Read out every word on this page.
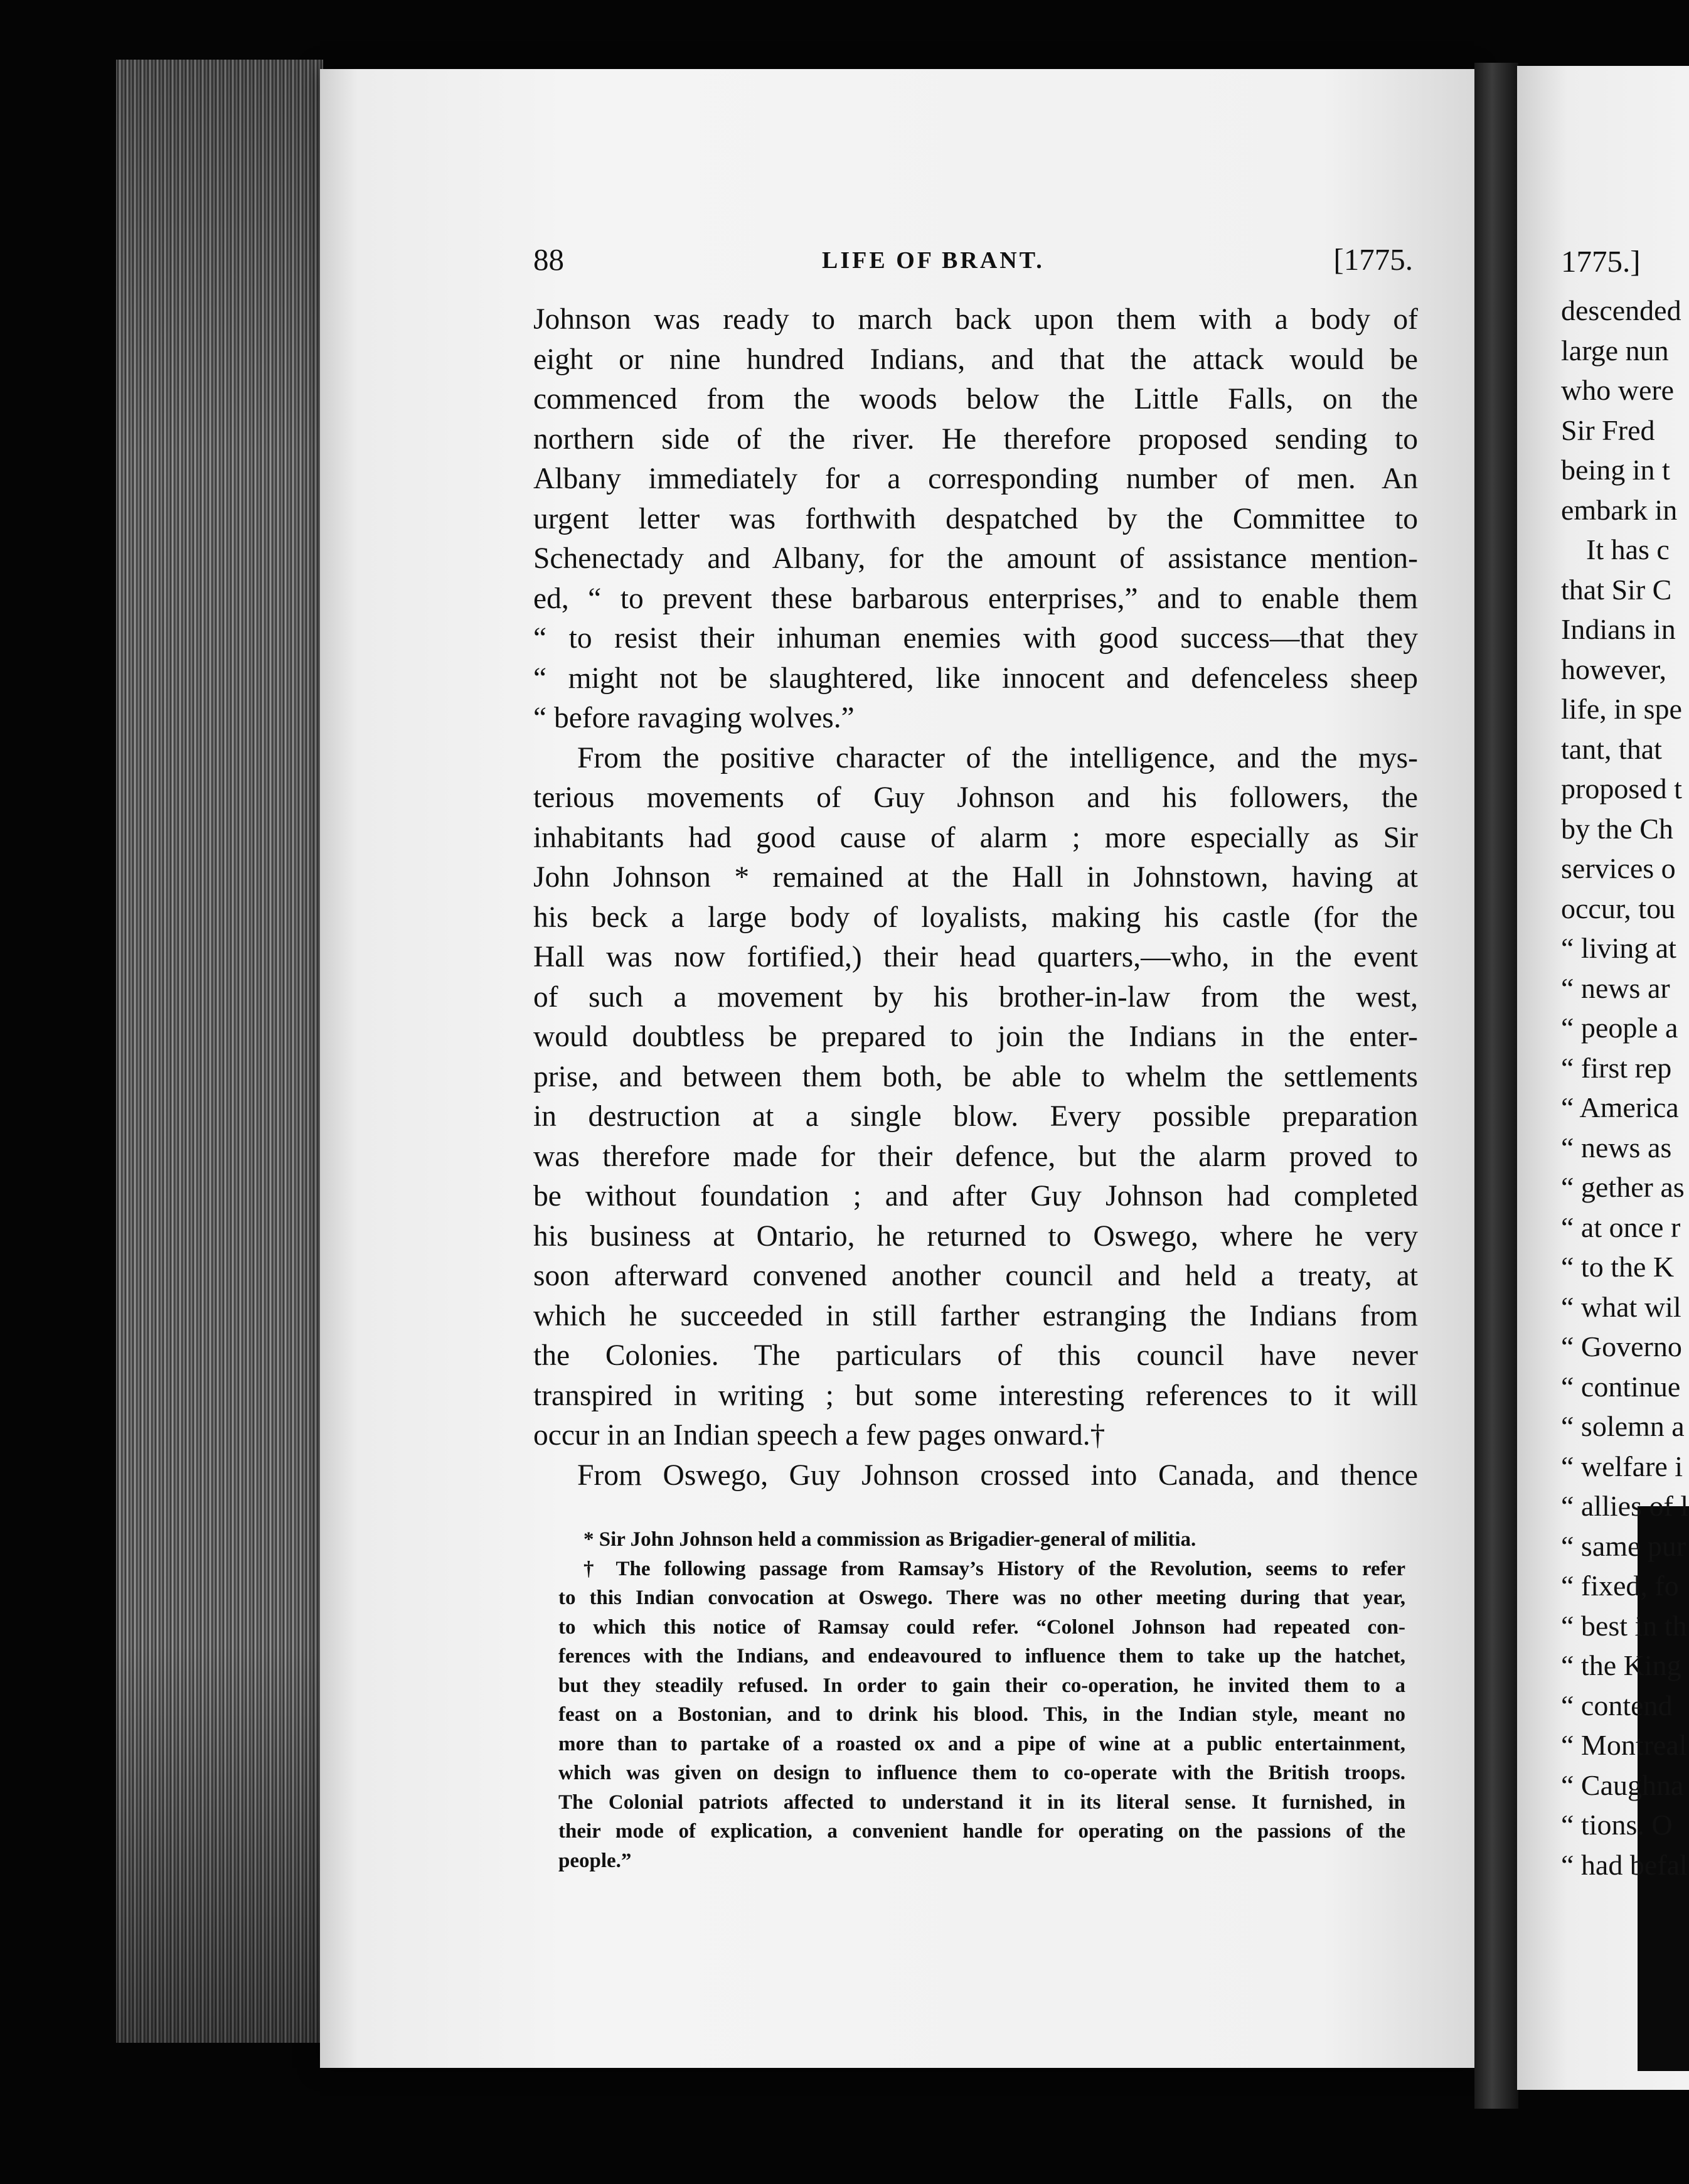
88	LIFE OF BRANT.	[1775.
Johnson was ready to march back upon them with a body of
eight or nine hundred Indians, and that the attack would be
commenced from the woods below the Little Falls, on the
northern side of the river. He therefore proposed sending to
Albany immediately for a corresponding number of men. An
urgent letter was forthwith despatched by the Committee to
Schenectady and Albany, for the amount of assistance mention-
ed, “ to prevent these barbarous enterprises,” and to enable them
“ to resist their inhuman enemies with good success—that they
“ might not be slaughtered, like innocent and defenceless sheep
“ before ravaging wolves.”
From the positive character of the intelligence, and the mys-
terious movements of Guy Johnson and his followers, the
inhabitants had good cause of alarm ; more especially as Sir
John Johnson * remained at the Hall in Johnstown, having at
his beck a large body of loyalists, making his castle (for the
Hall was now fortified,) their head quarters,—who, in the event
of such a movement by his brother-in-law from the west,
would doubtless be prepared to join the Indians in the enter-
prise, and between them both, be able to whelm the settlements
in destruction at a single blow. Every possible preparation
was therefore made for their defence, but the alarm proved to
be without foundation ; and after Guy Johnson had completed
his business at Ontario, he returned to Oswego, where he very
soon afterward convened another council and held a treaty, at
which he succeeded in still farther estranging the Indians from
the Colonies. The particulars of this council have never
transpired in writing ; but some interesting references to it will
occur in an Indian speech a few pages onward.†
From Oswego, Guy Johnson crossed into Canada, and thence
* Sir John Johnson held a commission as Brigadier-general of militia.
† The following passage from Ramsay’s History of the Revolution, seems to refer
to this Indian convocation at Oswego. There was no other meeting during that year,
to which this notice of Ramsay could refer. “Colonel Johnson had repeated con-
ferences with the Indians, and endeavoured to influence them to take up the hatchet,
but they steadily refused. In order to gain their co-operation, he invited them to a
feast on a Bostonian, and to drink his blood. This, in the Indian style, meant no
more than to partake of a roasted ox and a pipe of wine at a public entertainment,
which was given on design to influence them to co-operate with the British troops.
The Colonial patriots affected to understand it in its literal sense. It furnished, in
their mode of explication, a convenient handle for operating on the passions of the
people.”
1775.]
descended
large nun
who were
Sir Fred
being in t
embark in
It has c
that Sir C
Indians in
however,
life, in spe
tant, that
proposed t
by the Ch
services o
occur, tou
“ living at
“ news ar
“ people a
“ first rep
“ America
“ news as
“ gether as
“ at once r
“ to the K
“ what wil
“ Governo
“ continue
“ solemn a
“ welfare i
“ allies of l
“ same pur
“ fixed, fo
“ best in th
“ the King
“ contend
“ Montreal
“ Caughna
“ tions. O
“ had befal
